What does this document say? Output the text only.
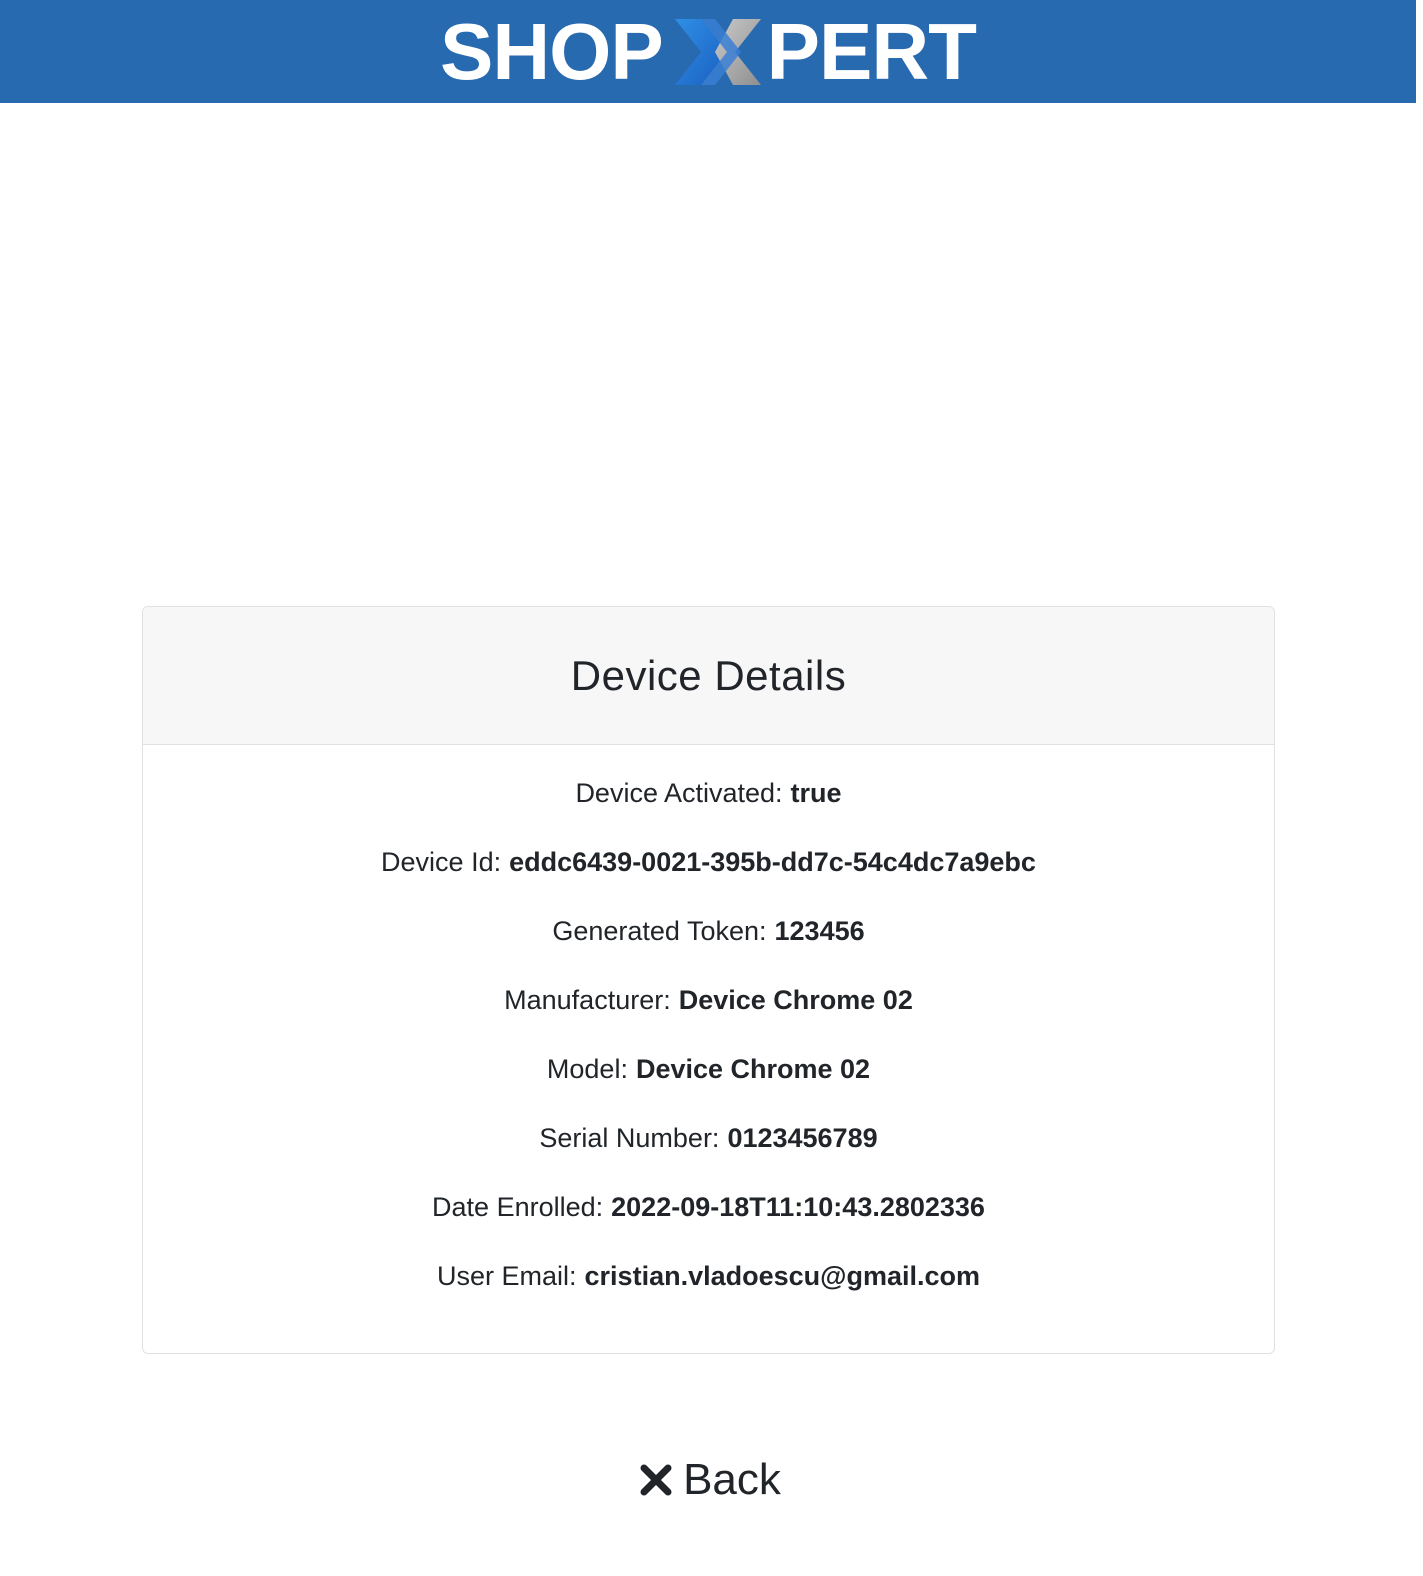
SHOP PERT
Device Details
Device Activated: true
Device Id: eddc6439-0021-395b-dd7c-54c4dc7a9ebc
Generated Token: 123456
Manufacturer: Device Chrome 02
Model: Device Chrome 02
Serial Number: 0123456789
Date Enrolled: 2022-09-18T11:10:43.2802336
User Email: cristian.vladoescu@gmail.com
Back
